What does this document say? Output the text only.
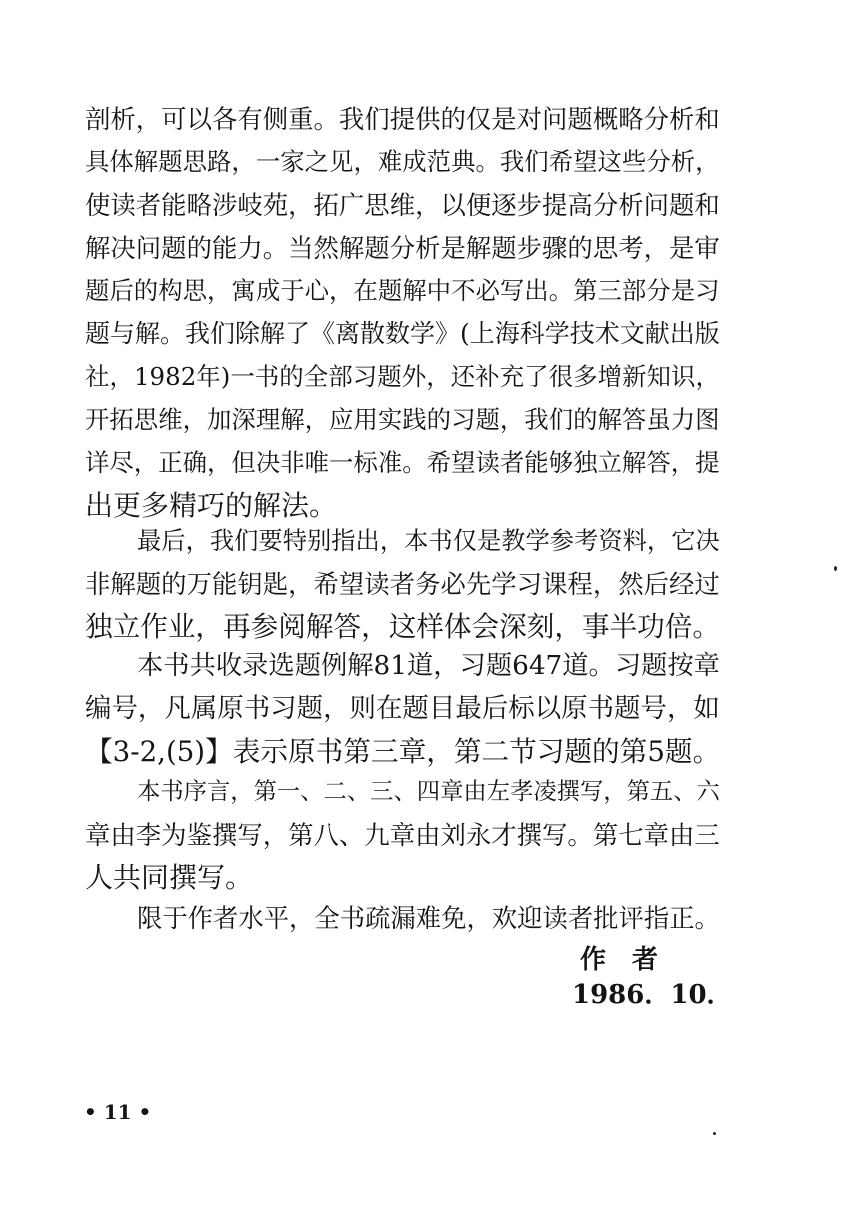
剖析，可以各有侧重。我们提供的仅是对问题概略分析和
具体解题思路，一家之见，难成范典。我们希望这些分析，
使读者能略涉岐苑，拓广思维，以便逐步提高分析问题和
解决问题的能力。当然解题分析是解题步骤的思考，是审
题后的构思，寓成于心，在题解中不必写出。第三部分是习
题与解。我们除解了《离散数学》(上海科学技术文献出版
社，1982年)一书的全部习题外，还补充了很多增新知识，
开拓思维，加深理解，应用实践的习题，我们的解答虽力图
详尽，正确，但决非唯一标准。希望读者能够独立解答，提
出更多精巧的解法。
最后，我们要特别指出，本书仅是教学参考资料，它决
非解题的万能钥匙，希望读者务必先学习课程，然后经过
独立作业，再参阅解答，这样体会深刻，事半功倍。
本书共收录选题例解81道，习题647道。习题按章
编号，凡属原书习题，则在题目最后标以原书题号，如
【3-2,(5)】表示原书第三章，第二节习题的第5题。
本书序言，第一、二、三、四章由左孝凌撰写，第五、六
章由李为鉴撰写，第八、九章由刘永才撰写。第七章由三
人共同撰写。
限于作者水平，全书疏漏难免，欢迎读者批评指正。
作　者
1986．10．
• 11 •
